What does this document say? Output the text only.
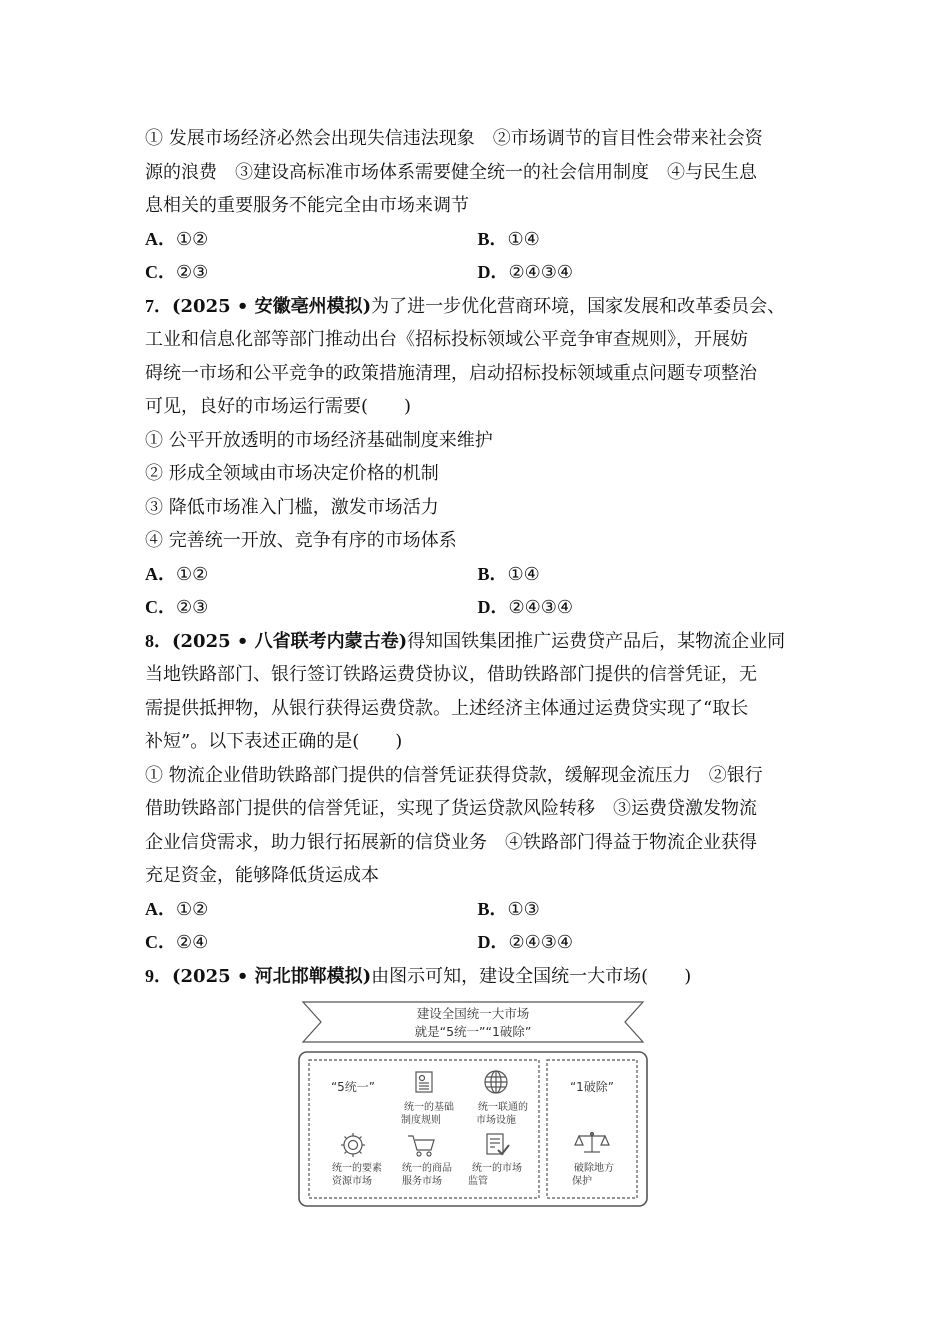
① 发展市场经济必然会出现失信违法现象　②市场调节的盲目性会带来社会资
源的浪费　③建设高标准市场体系需要健全统一的社会信用制度　④与民生息
息相关的重要服务不能完全由市场来调节
A．①②	B．①④
C．②③	D．②④③④
7．(2025 • 安徽亳州模拟)为了进一步优化营商环境，国家发展和改革委员会、
工业和信息化部等部门推动出台《招标投标领域公平竞争审查规则》，开展妨
碍统一市场和公平竞争的政策措施清理，启动招标投标领域重点问题专项整治
可见，良好的市场运行需要(　　)
① 公平开放透明的市场经济基础制度来维护
② 形成全领域由市场决定价格的机制
③ 降低市场准入门槛，激发市场活力
④ 完善统一开放、竞争有序的市场体系
A．①②	B．①④
C．②③	D．②④③④
8．(2025 • 八省联考内蒙古卷)得知国铁集团推广运费贷产品后，某物流企业同
当地铁路部门、银行签订铁路运费贷协议，借助铁路部门提供的信誉凭证，无
需提供抵押物，从银行获得运费贷款。上述经济主体通过运费贷实现了“取长
补短”。以下表述正确的是(　　)
① 物流企业借助铁路部门提供的信誉凭证获得贷款，缓解现金流压力　②银行
借助铁路部门提供的信誉凭证，实现了货运贷款风险转移　③运费贷激发物流
企业信贷需求，助力银行拓展新的信贷业务　④铁路部门得益于物流企业获得
充足资金，能够降低货运成本
A．①②	B．①③
C．②④	D．②④③④
9．(2025 • 河北邯郸模拟)由图示可知，建设全国统一大市场(　　)
建设全国统一大市场
就是“5统一”“1破除”
“5统一”	“1破除”
统一的基础
制度规则
统一联通的
市场设施
统一的要素
资源市场
统一的商品
服务市场
统一的市场
监管
破除地方
保护
